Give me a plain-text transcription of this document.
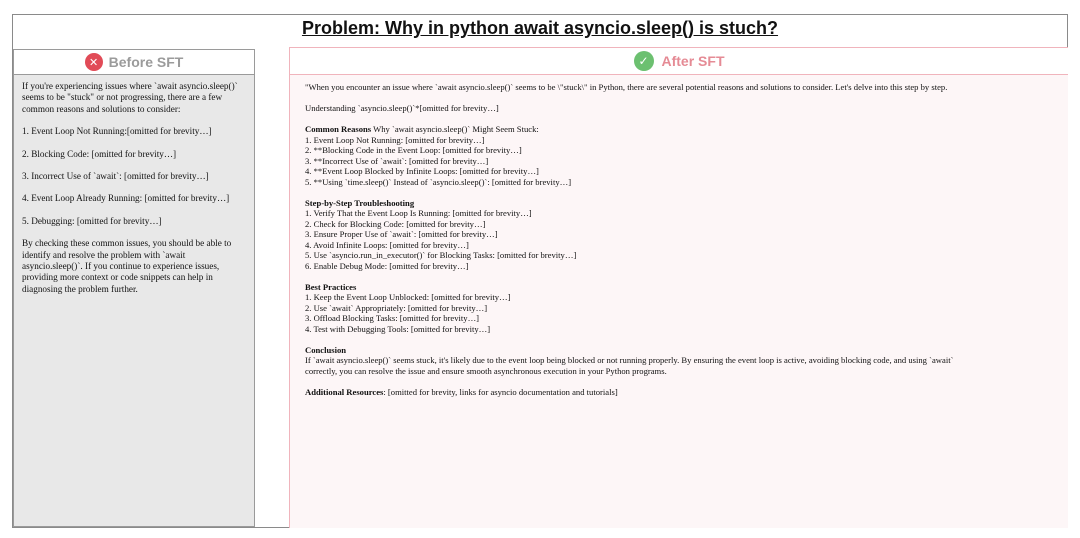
Problem: Why in python await asyncio.sleep() is stuch?
✕ Before SFT

If you're experiencing issues where `await asyncio.sleep()` seems to be "stuck" or not progressing, there are a few common reasons and solutions to consider:

1. Event Loop Not Running:[omitted for brevity…]

2. Blocking Code: [omitted for brevity…]

3. Incorrect Use of `await`: [omitted for brevity…]

4. Event Loop Already Running: [omitted for brevity…]

5. Debugging: [omitted for brevity…]

By checking these common issues, you should be able to identify and resolve the problem with `await asyncio.sleep()`. If you continue to experience issues, providing more context or code snippets can help in diagnosing the problem further.

✓ After SFT

"When you encounter an issue where `await asyncio.sleep()` seems to be \"stuck\" in Python, there are several potential reasons and solutions to consider. Let's delve into this step by step.

Understanding `asyncio.sleep()`*[omitted for brevity…]

Common Reasons Why `await asyncio.sleep()` Might Seem Stuck:
1. Event Loop Not Running: [omitted for brevity…]
2. **Blocking Code in the Event Loop: [omitted for brevity…]
3. **Incorrect Use of `await`: [omitted for brevity…]
4. **Event Loop Blocked by Infinite Loops: [omitted for brevity…]
5. **Using `time.sleep()` Instead of `asyncio.sleep()`: [omitted for brevity…]

Step-by-Step Troubleshooting
1. Verify That the Event Loop Is Running: [omitted for brevity…]
2. Check for Blocking Code: [omitted for brevity…]
3. Ensure Proper Use of `await`: [omitted for brevity…]
4. Avoid Infinite Loops: [omitted for brevity…]
5. Use `asyncio.run_in_executor()` for Blocking Tasks: [omitted for brevity…]
6. Enable Debug Mode: [omitted for brevity…]

Best Practices
1. Keep the Event Loop Unblocked: [omitted for brevity…]
2. Use `await` Appropriately: [omitted for brevity…]
3. Offload Blocking Tasks: [omitted for brevity…]
4. Test with Debugging Tools: [omitted for brevity…]

Conclusion
If `await asyncio.sleep()` seems stuck, it's likely due to the event loop being blocked or not running properly. By ensuring the event loop is active, avoiding blocking code, and using `await`
correctly, you can resolve the issue and ensure smooth asynchronous execution in your Python programs.

Additional Resources: [omitted for brevity, links for asyncio documentation and tutorials]
